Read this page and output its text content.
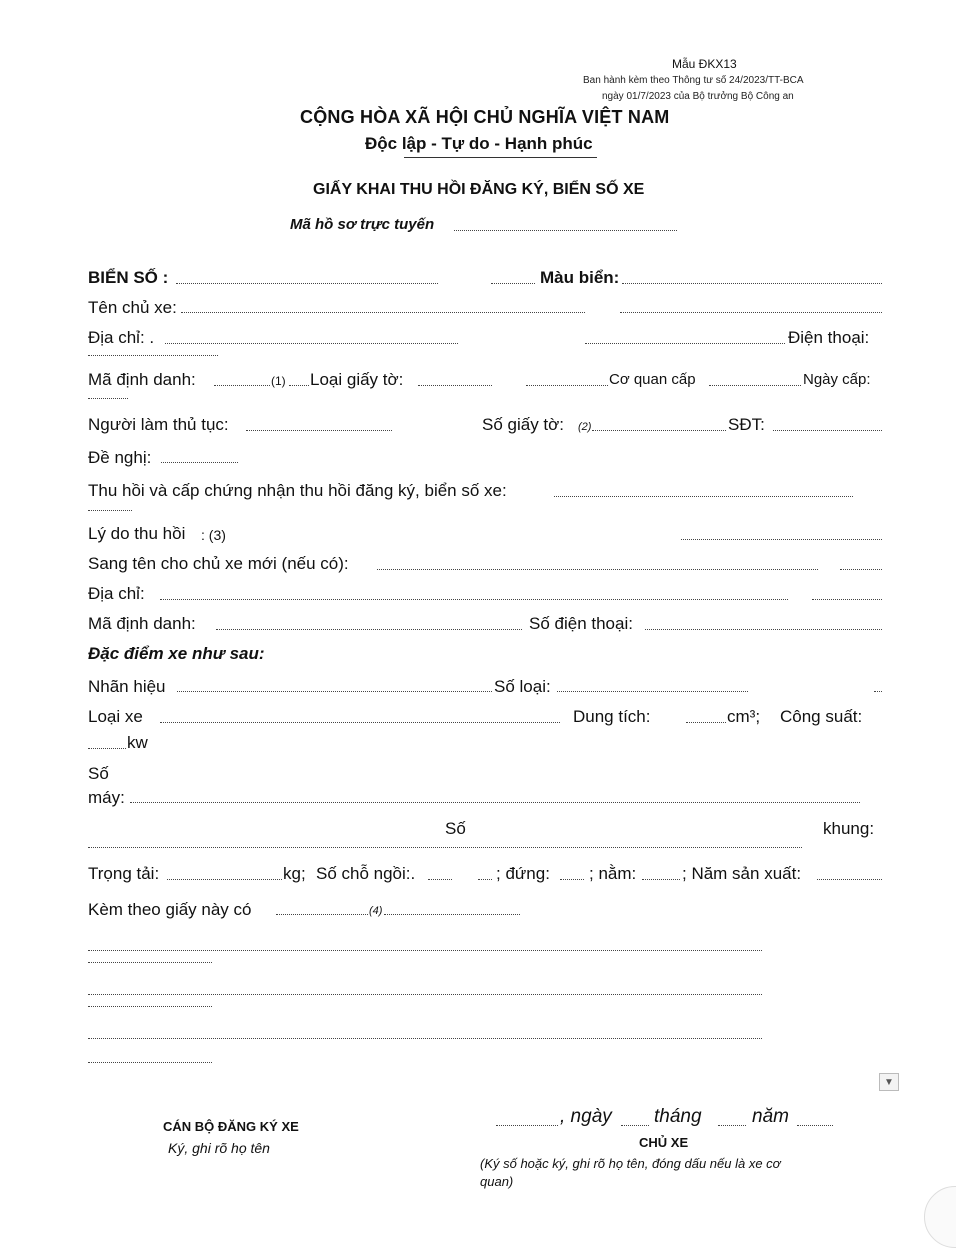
Mẫu ĐKX13
Ban hành kèm theo Thông tư số 24/2023/TT-BCA
ngày 01/7/2023 của Bộ trưởng Bộ Công an
CỘNG HÒA XÃ HỘI CHỦ NGHĨA VIỆT NAM
Độc lập - Tự do - Hạnh phúc
GIẤY KHAI THU HỒI ĐĂNG KÝ, BIỂN SỐ XE
Mã hồ sơ trực tuyến
BIỂN SỐ :	Màu biển:
Tên chủ xe:
Địa chỉ: .	Điện thoại:
Mã định danh:	(1) Loại giấy tờ:	Cơ quan cấp	Ngày cấp:
Người làm thủ tục:	Số giấy tờ: (2)	SĐT:
Đề nghị:
Thu hồi và cấp chứng nhận thu hồi đăng ký, biển số xe:
Lý do thu hồi : (3)
Sang tên cho chủ xe mới (nếu có):
Địa chỉ:
Mã định danh:	Số điện thoại:
Đặc điểm xe như sau:
Nhãn hiệu	Số loại:
Loại xe	Dung tích:	cm³; Công suất:
kw
Số
máy:
Số	khung:
Trọng tải:	kg; Số chỗ ngồi:.	; đứng: ; nằm:	; Năm sản xuất:
Kèm theo giấy này có	(4)
▼
CÁN BỘ ĐĂNG KÝ XE
Ký, ghi rõ họ tên
, ngày tháng	năm
CHỦ XE
(Ký số hoặc ký, ghi rõ họ tên, đóng dấu nếu là xe cơ
quan)
